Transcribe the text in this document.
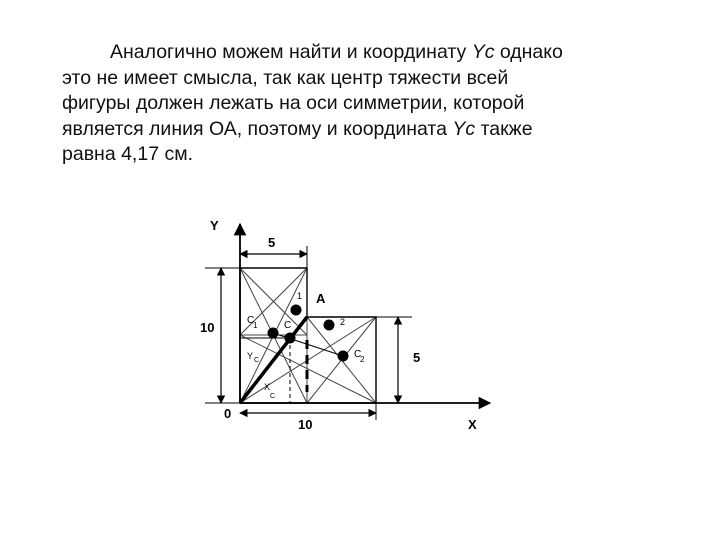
Аналогично можем найти и координату Yc однако
это не имеет смысла, так как центр тяжести всей
фигуры должен лежать на оси симметрии, которой
является линия ОА, поэтому и координата Yc также
равна 4,17 см.
Y
X
0
A
5
10
5
10
1
2
C
1	C
C
2
Y C
X
C
